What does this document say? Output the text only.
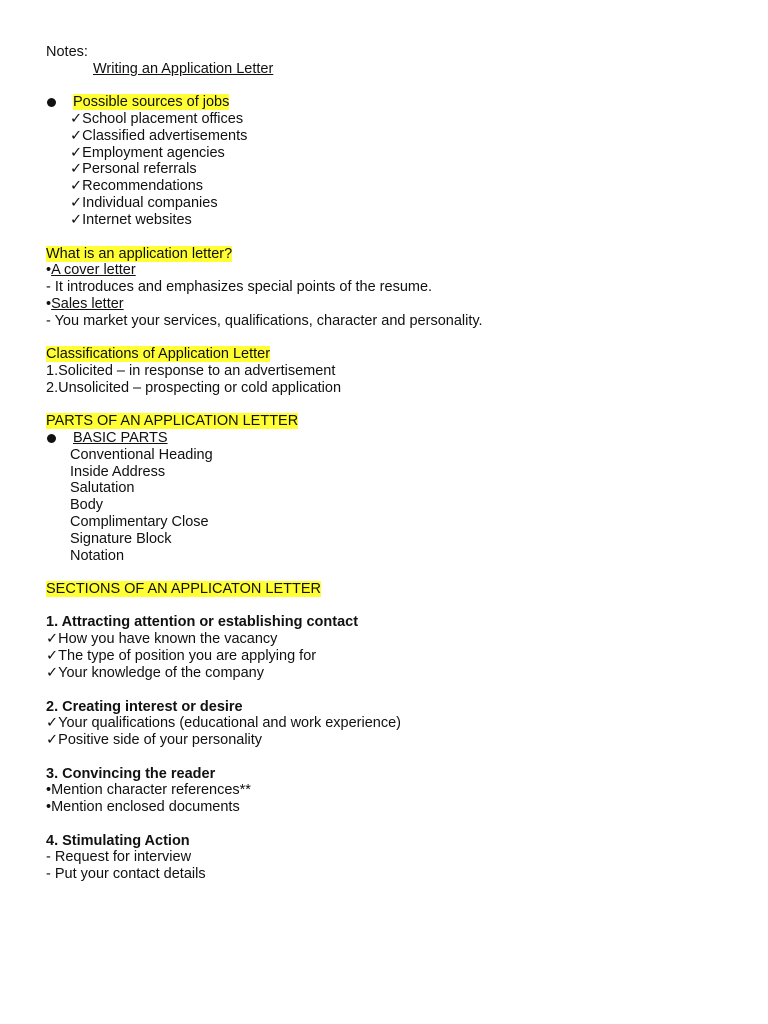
Notes:
Writing an Application Letter
Possible sources of jobs
✓School placement offices
✓Classified advertisements
✓Employment agencies
✓Personal referrals
✓Recommendations
✓Individual companies
✓Internet websites
What is an application letter?
•A cover letter
- It introduces and emphasizes special points of the resume.
•Sales letter
- You market your services, qualifications, character and personality.
Classifications of Application Letter
1.Solicited – in response to an advertisement
2.Unsolicited – prospecting or cold application
PARTS OF AN APPLICATION LETTER
BASIC PARTS
Conventional Heading
Inside Address
Salutation
Body
Complimentary Close
Signature Block
Notation
SECTIONS OF AN APPLICATON LETTER
1. Attracting attention or establishing contact
✓How you have known the vacancy
✓The type of position you are applying for
✓Your knowledge of the company
2. Creating interest or desire
✓Your qualifications (educational and work experience)
✓Positive side of your personality
3. Convincing the reader
•Mention character references**
•Mention enclosed documents
4. Stimulating Action
- Request for interview
- Put your contact details
